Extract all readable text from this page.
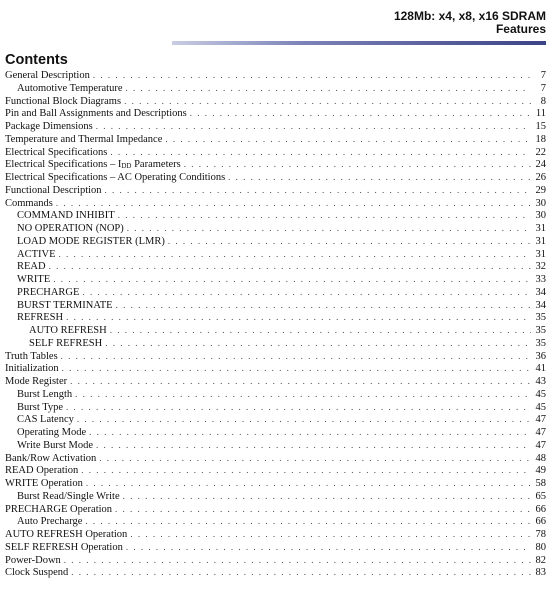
128Mb: x4, x8, x16 SDRAM
Features
Contents
General Description . . .	7
Automotive Temperature . . .	7
Functional Block Diagrams . . .	8
Pin and Ball Assignments and Descriptions . . .	11
Package Dimensions . . .	15
Temperature and Thermal Impedance . . .	18
Electrical Specifications . . .	22
Electrical Specifications – $I_{DD}$ Parameters . . .	24
Electrical Specifications – AC Operating Conditions . . .	26
Functional Description . . .	29
Commands . . .	30
COMMAND INHIBIT . . .	30
NO OPERATION (NOP) . . .	31
LOAD MODE REGISTER (LMR) . . .	31
ACTIVE . . .	31
READ . . .	32
WRITE . . .	33
PRECHARGE . . .	34
BURST TERMINATE . . .	34
REFRESH . . .	35
AUTO REFRESH . . .	35
SELF REFRESH . . .	35
Truth Tables . . .	36
Initialization . . .	41
Mode Register . . .	43
Burst Length . . .	45
Burst Type . . .	45
CAS Latency . . .	47
Operating Mode . . .	47
Write Burst Mode . . .	47
Bank/Row Activation . . .	48
READ Operation . . .	49
WRITE Operation . . .	58
Burst Read/Single Write . . .	65
PRECHARGE Operation . . .	66
Auto Precharge . . .	66
AUTO REFRESH Operation . . .	78
SELF REFRESH Operation . . .	80
Power-Down . . .	82
Clock Suspend . . .	83
